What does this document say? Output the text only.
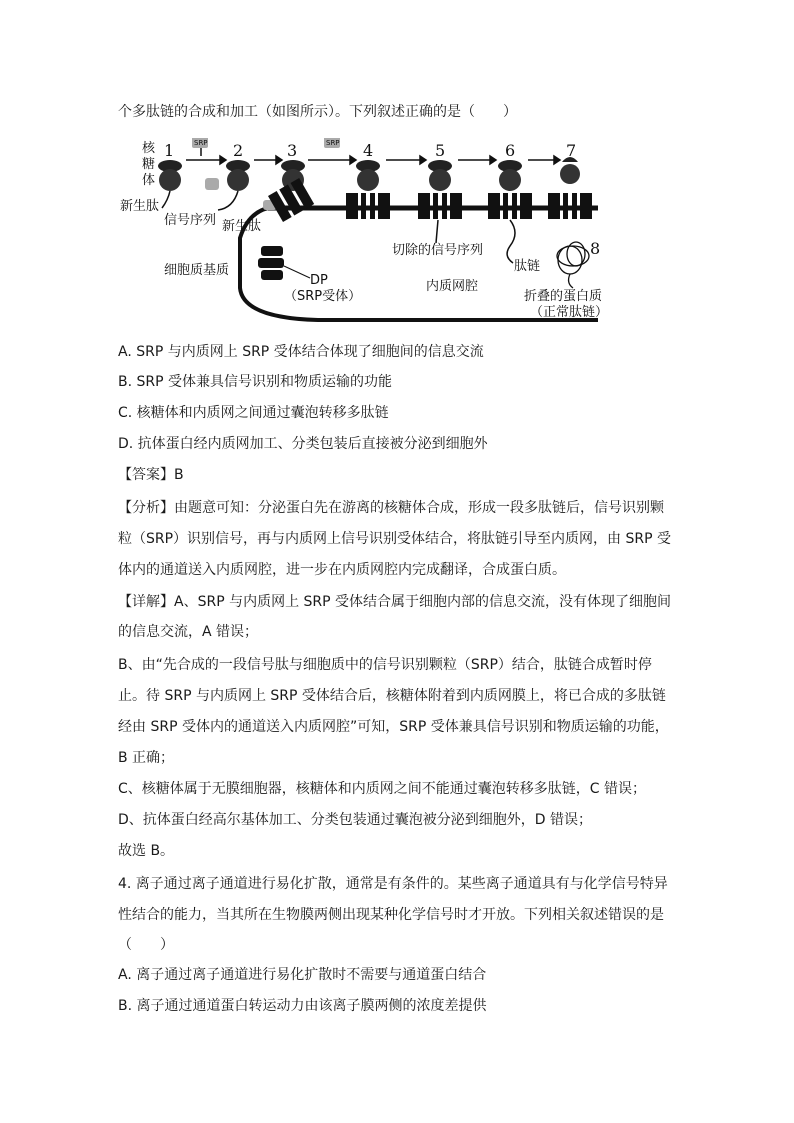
个多肽链的合成和加工（如图所示）。下列叙述正确的是（　　）
SRP	SRP
1	2	3	4	5	6	7
8
核
糖
体
新生肽
信号序列 新生肽
细胞质基质
DP
（SRP受体）
切除的信号序列
内质网腔
肽链
折叠的蛋白质
（正常肽链）
A. SRP 与内质网上 SRP 受体结合体现了细胞间的信息交流
B. SRP 受体兼具信号识别和物质运输的功能
C. 核糖体和内质网之间通过囊泡转移多肽链
D. 抗体蛋白经内质网加工、分类包装后直接被分泌到细胞外
【答案】B
【分析】由题意可知：分泌蛋白先在游离的核糖体合成，形成一段多肽链后，信号识别颗
粒（SRP）识别信号，再与内质网上信号识别受体结合，将肽链引导至内质网，由 SRP 受
体内的通道送入内质网腔，进一步在内质网腔内完成翻译，合成蛋白质。
【详解】A、SRP 与内质网上 SRP 受体结合属于细胞内部的信息交流，没有体现了细胞间
的信息交流，A 错误；
B、由“先合成的一段信号肽与细胞质中的信号识别颗粒（SRP）结合，肽链合成暂时停
止。待 SRP 与内质网上 SRP 受体结合后，核糖体附着到内质网膜上，将已合成的多肽链
经由 SRP 受体内的通道送入内质网腔”可知，SRP 受体兼具信号识别和物质运输的功能，
B 正确；
C、核糖体属于无膜细胞器，核糖体和内质网之间不能通过囊泡转移多肽链，C 错误；
D、抗体蛋白经高尔基体加工、分类包装通过囊泡被分泌到细胞外，D 错误；
故选 B。
4. 离子通过离子通道进行易化扩散，通常是有条件的。某些离子通道具有与化学信号特异
性结合的能力，当其所在生物膜两侧出现某种化学信号时才开放。下列相关叙述错误的是
（　　）
A. 离子通过离子通道进行易化扩散时不需要与通道蛋白结合
B. 离子通过通道蛋白转运动力由该离子膜两侧的浓度差提供
